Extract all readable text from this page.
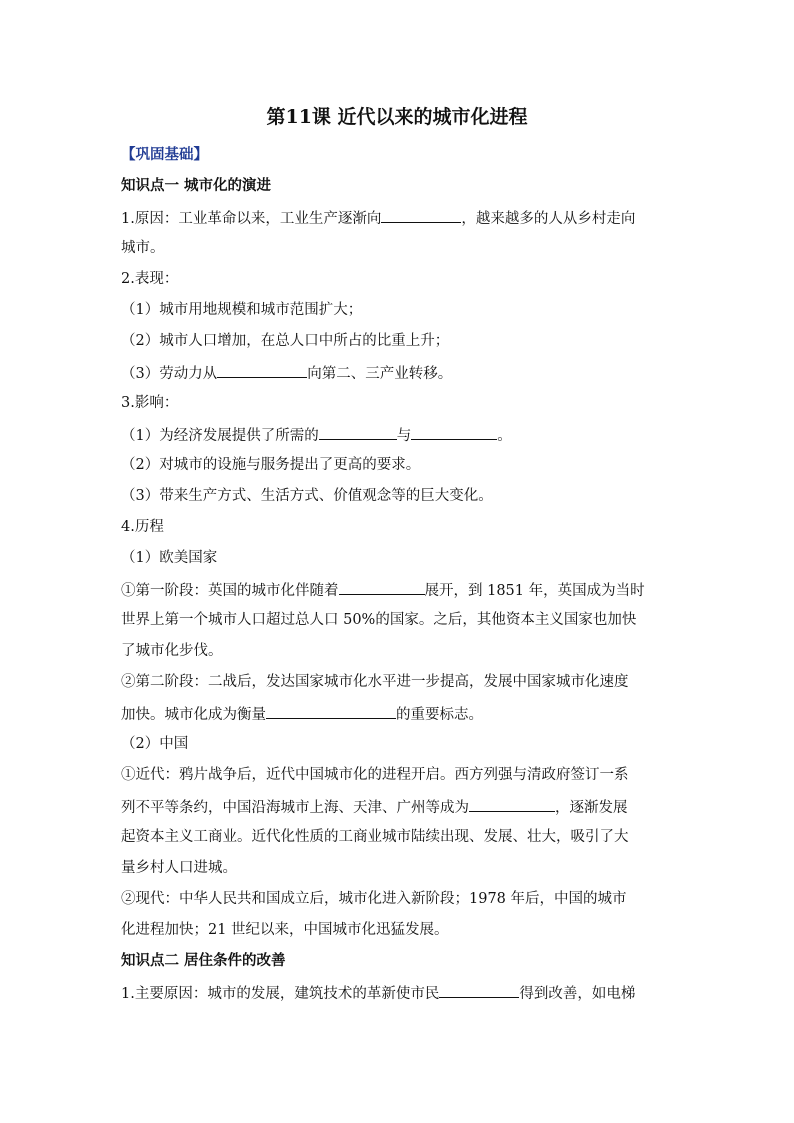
第11课 近代以来的城市化进程

【巩固基础】

知识点一 城市化的演进

1.原因：工业革命以来，工业生产逐渐向	，越来越多的人从乡村走向

城市。

2.表现：

（1）城市用地规模和城市范围扩大；

（2）城市人口增加，在总人口中所占的比重上升；

（3）劳动力从	向第二、三产业转移。

3.影响：

（1）为经济发展提供了所需的	与	。

（2）对城市的设施与服务提出了更高的要求。

（3）带来生产方式、生活方式、价值观念等的巨大变化。

4.历程

（1）欧美国家

①第一阶段：英国的城市化伴随着	展开，到 1851 年，英国成为当时

世界上第一个城市人口超过总人口 50%的国家。之后，其他资本主义国家也加快

了城市化步伐。

②第二阶段：二战后，发达国家城市化水平进一步提高，发展中国家城市化速度

加快。城市化成为衡量	的重要标志。

（2）中国

①近代：鸦片战争后，近代中国城市化的进程开启。西方列强与清政府签订一系

列不平等条约，中国沿海城市上海、天津、广州等成为	，逐渐发展

起资本主义工商业。近代化性质的工商业城市陆续出现、发展、壮大，吸引了大

量乡村人口进城。

②现代：中华人民共和国成立后，城市化进入新阶段；1978 年后，中国的城市

化进程加快；21 世纪以来，中国城市化迅猛发展。

知识点二 居住条件的改善

1.主要原因：城市的发展，建筑技术的革新使市民	得到改善，如电梯
